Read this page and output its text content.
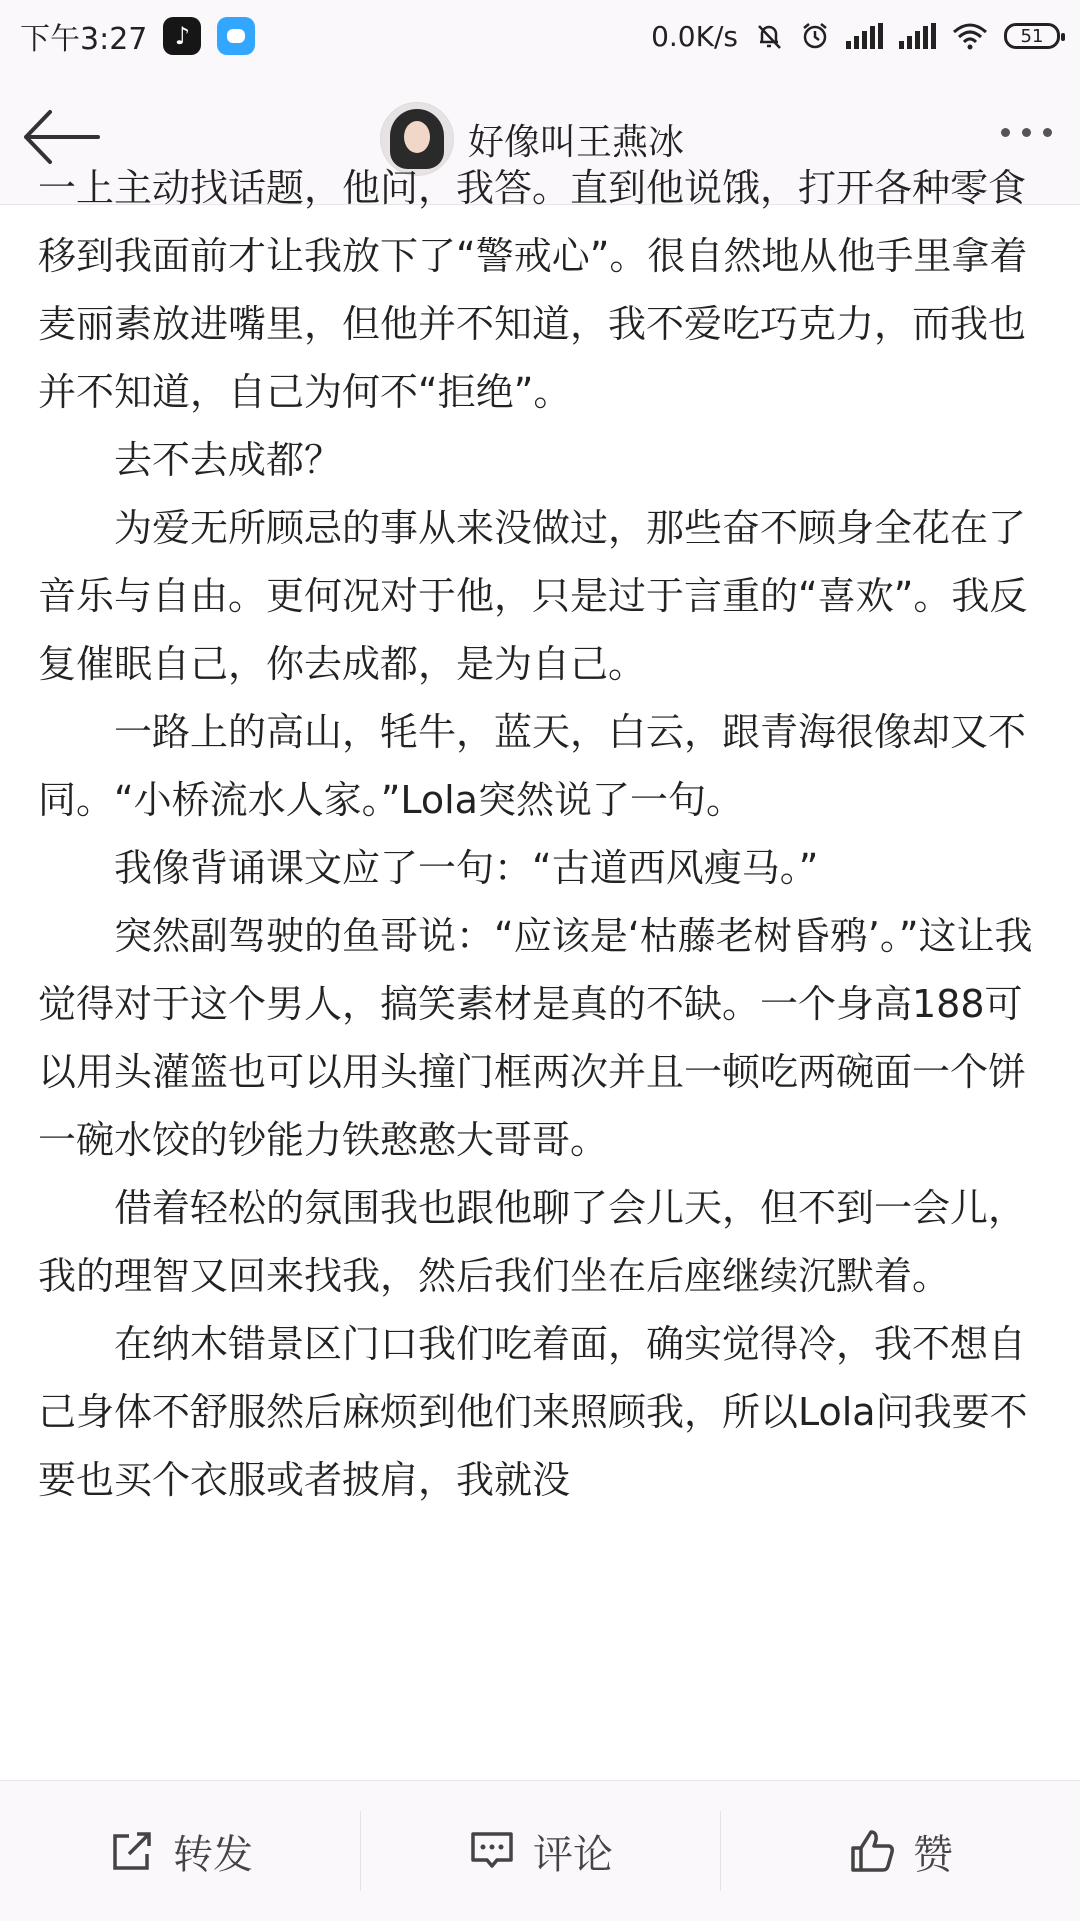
下午3:27	♪	0.0K/s	51
好像叫王燕冰

一上主动找话题，他问，我答。直到他说饿，打开各种零食移到我面前才让我放下了“警戒心”。很自然地从他手里拿着麦丽素放进嘴里，但他并不知道，我不爱吃巧克力，而我也并不知道，自己为何不“拒绝”。

去不去成都？

为爱无所顾忌的事从来没做过，那些奋不顾身全花在了音乐与自由。更何况对于他，只是过于言重的“喜欢”。我反复催眠自己，你去成都，是为自己。

一路上的高山，牦牛，蓝天，白云，跟青海很像却又不同。“小桥流水人家。”Lola突然说了一句。

我像背诵课文应了一句：“古道西风瘦马。”

突然副驾驶的鱼哥说：“应该是‘枯藤老树昏鸦’。”这让我觉得对于这个男人，搞笑素材是真的不缺。一个身高188可以用头灌篮也可以用头撞门框两次并且一顿吃两碗面一个饼一碗水饺的钞能力铁憨憨大哥哥。

借着轻松的氛围我也跟他聊了会儿天，但不到一会儿，我的理智又回来找我，然后我们坐在后座继续沉默着。

在纳木错景区门口我们吃着面，确实觉得冷，我不想自己身体不舒服然后麻烦到他们来照顾我，所以Lola问我要不要也买个衣服或者披肩，我就没

转发	评论	赞
